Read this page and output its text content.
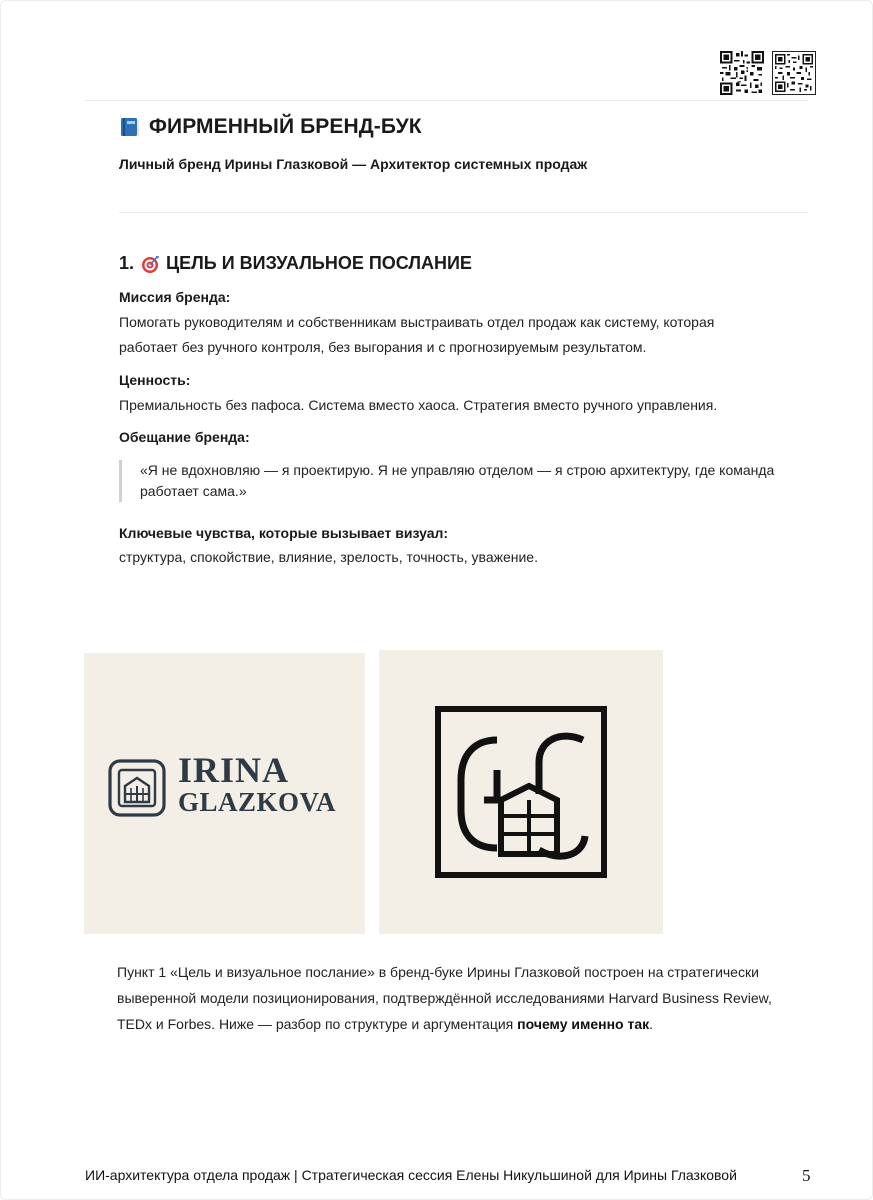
ФИРМЕННЫЙ БРЕНД-БУК
Личный бренд Ирины Глазковой — Архитектор системных продаж
1. ЦЕЛЬ И ВИЗУАЛЬНОЕ ПОСЛАНИЕ
Миссия бренда:
Помогать руководителям и собственникам выстраивать отдел продаж как систему, которая
работает без ручного контроля, без выгорания и с прогнозируемым результатом.
Ценность:
Премиальность без пафоса. Система вместо хаоса. Стратегия вместо ручного управления.
Обещание бренда:
«Я не вдохновляю — я проектирую. Я не управляю отделом — я строю архитектуру, где команда
работает сама.»
Ключевые чувства, которые вызывает визуал:
структура, спокойствие, влияние, зрелость, точность, уважение.
IRINA
GLAZKOVA

Пункт 1 «Цель и визуальное послание» в бренд-буке Ирины Глазковой построен на стратегически
выверенной модели позиционирования, подтверждённой исследованиями Harvard Business Review,
TEDx и Forbes. Ниже — разбор по структуре и аргументация почему именно так.

ИИ-архитектура отдела продаж | Стратегическая сессия Елены Никульшиной для Ирины Глазковой	5
